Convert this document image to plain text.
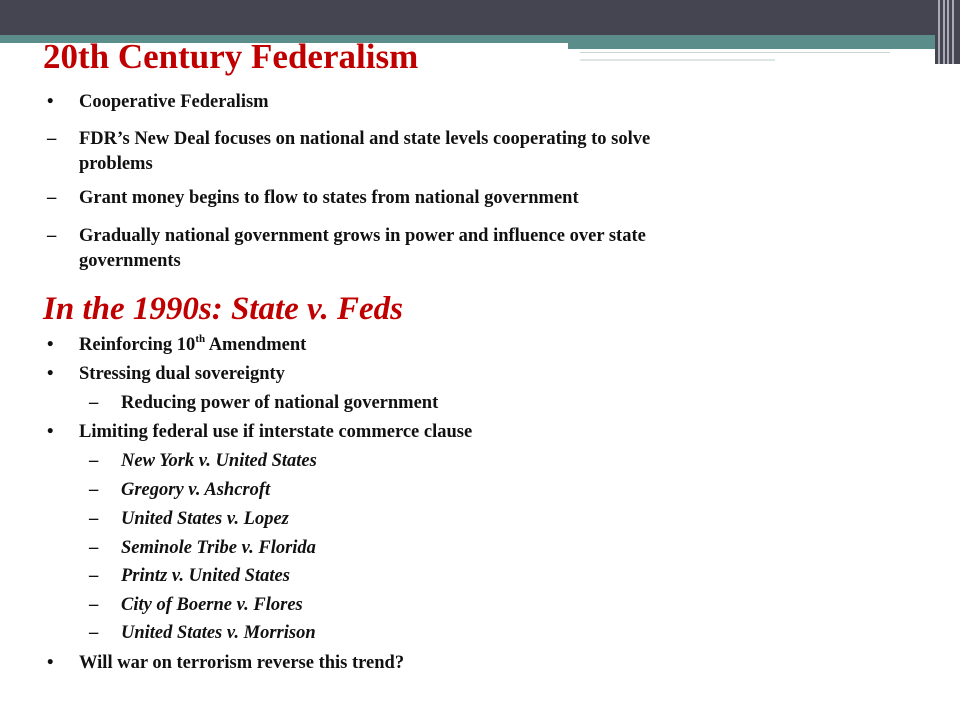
20th Century Federalism
• Cooperative Federalism
– FDR’s New Deal focuses on national and state levels cooperating to solve
problems
– Grant money begins to flow to states from national government
– Gradually national government grows in power and influence over state
governments
In the 1990s: State v. Feds
• Reinforcing 10th Amendment
• Stressing dual sovereignty
– Reducing power of national government
• Limiting federal use if interstate commerce clause
– New York v. United States
– Gregory v. Ashcroft
– United States v. Lopez
– Seminole Tribe v. Florida
– Printz v. United States
– City of Boerne v. Flores
– United States v. Morrison
• Will war on terrorism reverse this trend?
